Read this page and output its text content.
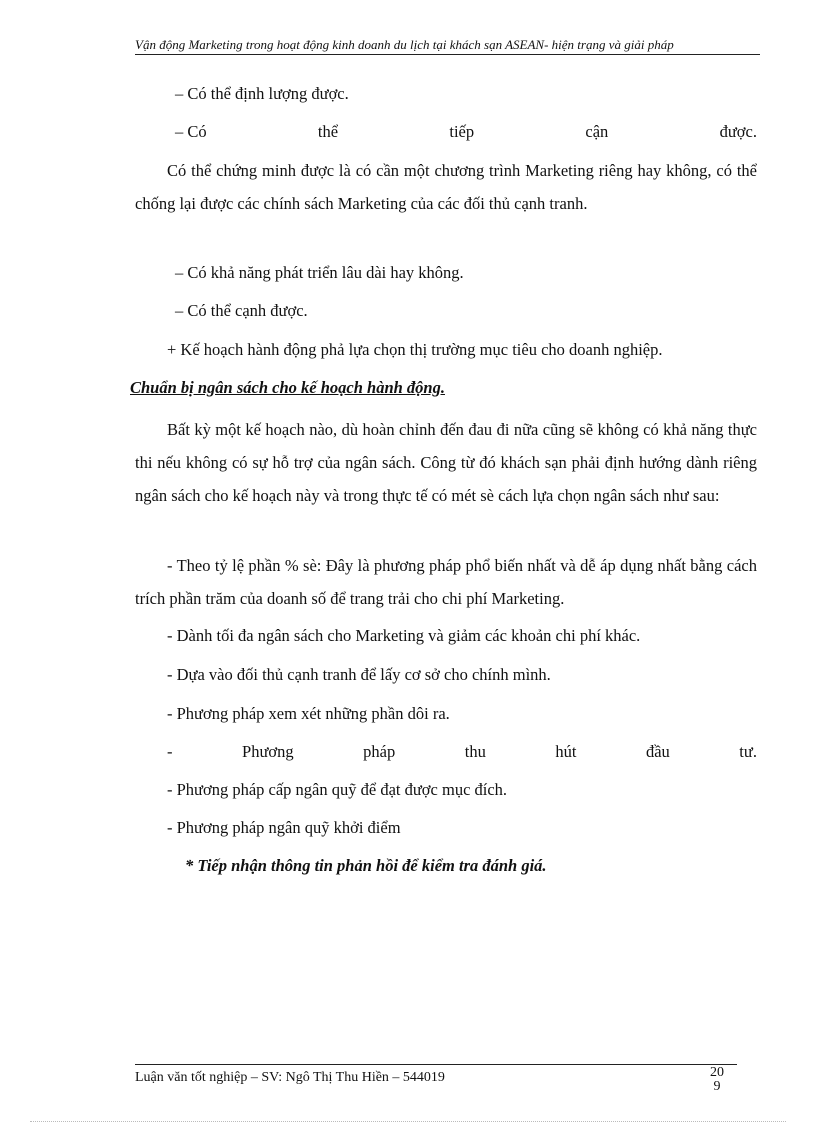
Vận động Marketing trong hoạt động kinh doanh du lịch tại khách sạn ASEAN- hiện trạng và giải pháp
– Có thể định lượng được.
– Có	thể	tiếp	cận	được.
Có thể chứng minh được là có cần một chương trình Marketing riêng hay không, có thể chống lại được các chính sách Marketing của các đối thủ cạnh tranh.
– Có khả năng phát triển lâu dài hay không.
– Có thể cạnh được.
+ Kế hoạch hành động phả lựa chọn thị trường mục tiêu cho doanh nghiệp.
Chuẩn bị ngân sách cho kế hoạch hành động.
Bất kỳ một kế hoạch nào, dù hoàn chỉnh đến đau đi nữa cũng sẽ không có khả năng thực thi nếu không có sự hỗ trợ của ngân sách. Công từ đó khách sạn phải định hướng dành riêng ngân sách cho kế hoạch này và trong thực tế có mét sè cách lựa chọn ngân sách như sau:
- Theo tỷ lệ phần % sè: Đây là phương pháp phổ biến nhất và dễ áp dụng nhất bằng cách trích phần trăm của doanh số để trang trải cho chi phí Marketing.
- Dành tối đa ngân sách cho Marketing và giảm các khoản chi phí khác.
- Dựa vào đối thủ cạnh tranh để lấy cơ sở cho chính mình.
- Phương pháp xem xét những phần dôi ra.
-	Phương	pháp	thu	hút	đầu	tư.
- Phương pháp cấp ngân quỹ để đạt được mục đích.
- Phương pháp ngân quỹ khởi điểm
* Tiếp nhận thông tin phản hồi để kiểm tra đánh giá.
Luận văn tốt nghiệp – SV: Ngô Thị Thu Hiền – 544019	20
9
